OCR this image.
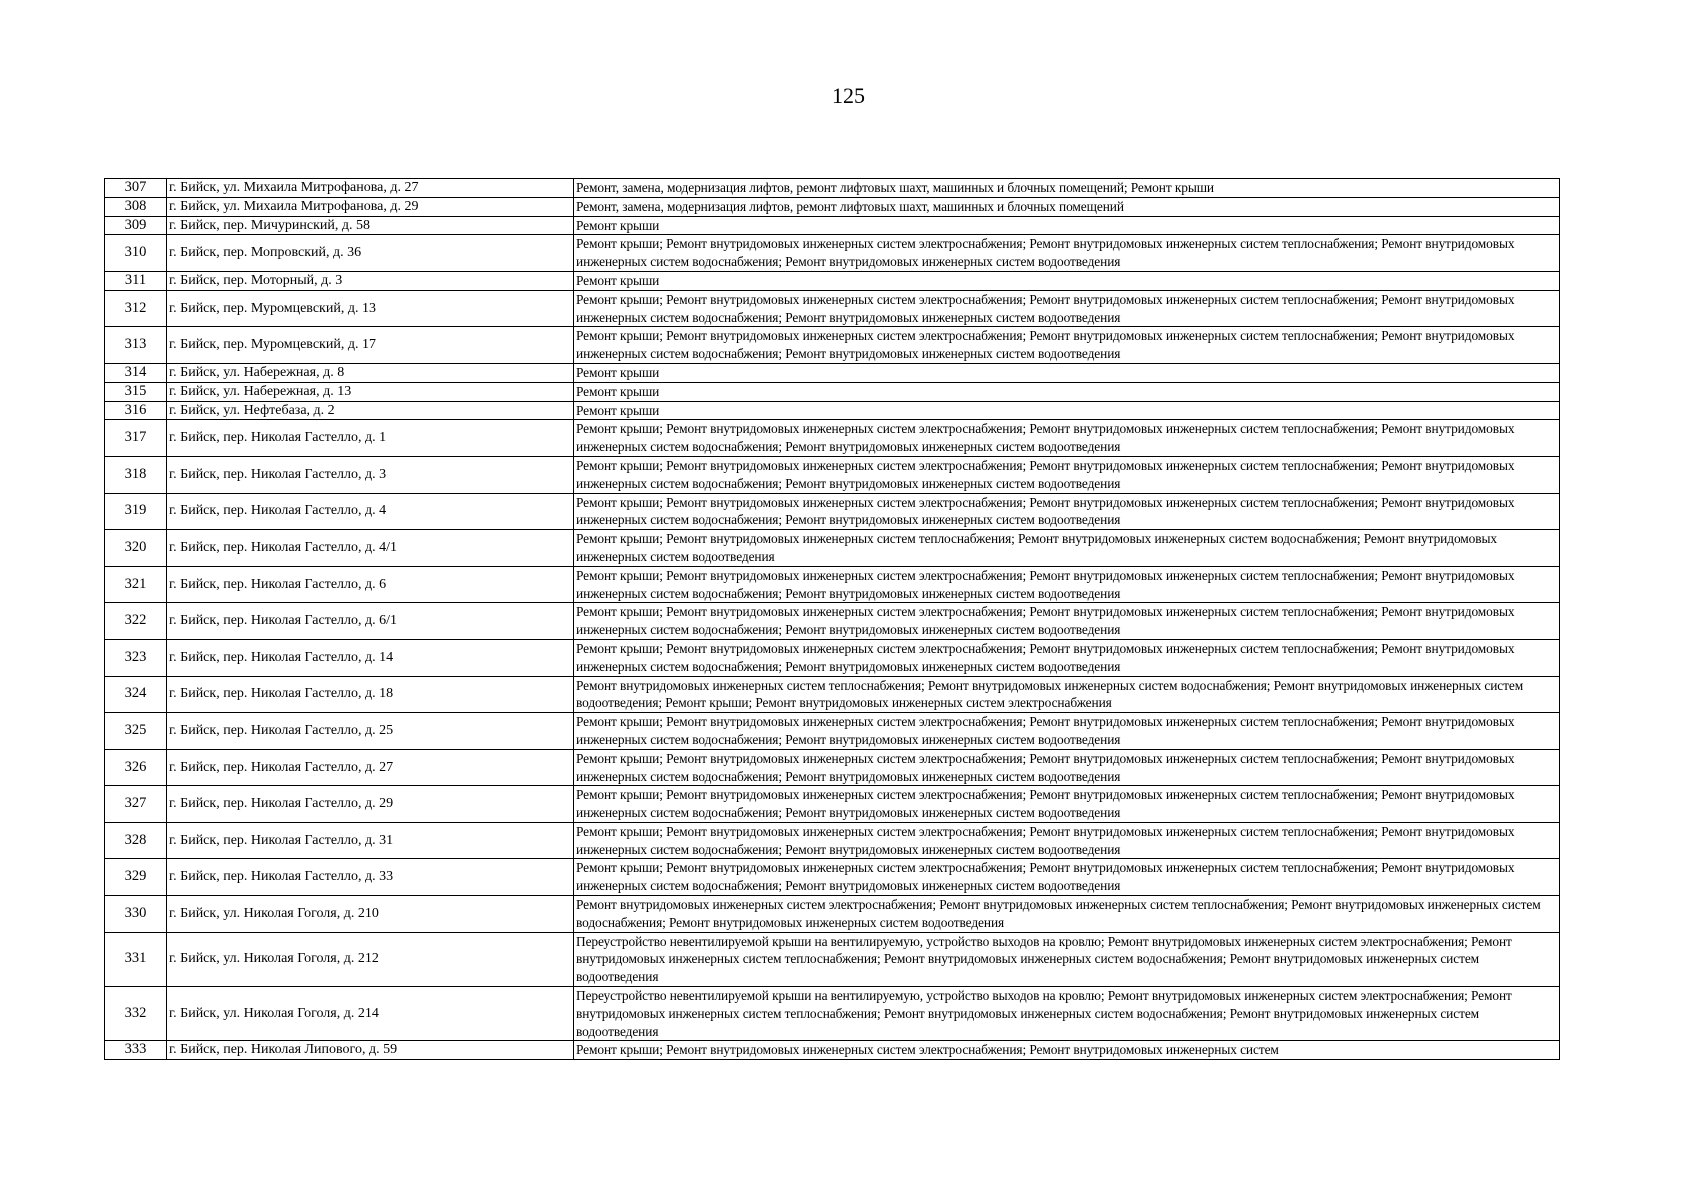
125
307	г. Бийск, ул. Михаила Митрофанова, д. 27	Ремонт, замена, модернизация лифтов, ремонт лифтовых шахт, машинных и блочных помещений; Ремонт крыши
308	г. Бийск, ул. Михаила Митрофанова, д. 29	Ремонт, замена, модернизация лифтов, ремонт лифтовых шахт, машинных и блочных помещений
309	г. Бийск, пер. Мичуринский, д. 58	Ремонт крыши
310	г. Бийск, пер. Мопровский, д. 36	Ремонт крыши; Ремонт внутридомовых инженерных систем электроснабжения; Ремонт внутридомовых инженерных систем теплоснабжения; Ремонт внутридомовых инженерных систем водоснабжения; Ремонт внутридомовых инженерных систем водоотведения
311	г. Бийск, пер. Моторный, д. 3	Ремонт крыши
312	г. Бийск, пер. Муромцевский, д. 13	Ремонт крыши; Ремонт внутридомовых инженерных систем электроснабжения; Ремонт внутридомовых инженерных систем теплоснабжения; Ремонт внутридомовых инженерных систем водоснабжения; Ремонт внутридомовых инженерных систем водоотведения
313	г. Бийск, пер. Муромцевский, д. 17	Ремонт крыши; Ремонт внутридомовых инженерных систем электроснабжения; Ремонт внутридомовых инженерных систем теплоснабжения; Ремонт внутридомовых инженерных систем водоснабжения; Ремонт внутридомовых инженерных систем водоотведения
314	г. Бийск, ул. Набережная, д. 8	Ремонт крыши
315	г. Бийск, ул. Набережная, д. 13	Ремонт крыши
316	г. Бийск, ул. Нефтебаза, д. 2	Ремонт крыши
317	г. Бийск, пер. Николая Гастелло, д. 1	Ремонт крыши; Ремонт внутридомовых инженерных систем электроснабжения; Ремонт внутридомовых инженерных систем теплоснабжения; Ремонт внутридомовых инженерных систем водоснабжения; Ремонт внутридомовых инженерных систем водоотведения
318	г. Бийск, пер. Николая Гастелло, д. 3	Ремонт крыши; Ремонт внутридомовых инженерных систем электроснабжения; Ремонт внутридомовых инженерных систем теплоснабжения; Ремонт внутридомовых инженерных систем водоснабжения; Ремонт внутридомовых инженерных систем водоотведения
319	г. Бийск, пер. Николая Гастелло, д. 4	Ремонт крыши; Ремонт внутридомовых инженерных систем электроснабжения; Ремонт внутридомовых инженерных систем теплоснабжения; Ремонт внутридомовых инженерных систем водоснабжения; Ремонт внутридомовых инженерных систем водоотведения
320	г. Бийск, пер. Николая Гастелло, д. 4/1	Ремонт крыши; Ремонт внутридомовых инженерных систем теплоснабжения; Ремонт внутридомовых инженерных систем водоснабжения; Ремонт внутридомовых инженерных систем водоотведения
321	г. Бийск, пер. Николая Гастелло, д. 6	Ремонт крыши; Ремонт внутридомовых инженерных систем электроснабжения; Ремонт внутридомовых инженерных систем теплоснабжения; Ремонт внутридомовых инженерных систем водоснабжения; Ремонт внутридомовых инженерных систем водоотведения
322	г. Бийск, пер. Николая Гастелло, д. 6/1	Ремонт крыши; Ремонт внутридомовых инженерных систем электроснабжения; Ремонт внутридомовых инженерных систем теплоснабжения; Ремонт внутридомовых инженерных систем водоснабжения; Ремонт внутридомовых инженерных систем водоотведения
323	г. Бийск, пер. Николая Гастелло, д. 14	Ремонт крыши; Ремонт внутридомовых инженерных систем электроснабжения; Ремонт внутридомовых инженерных систем теплоснабжения; Ремонт внутридомовых инженерных систем водоснабжения; Ремонт внутридомовых инженерных систем водоотведения
324	г. Бийск, пер. Николая Гастелло, д. 18	Ремонт внутридомовых инженерных систем теплоснабжения; Ремонт внутридомовых инженерных систем водоснабжения; Ремонт внутридомовых инженерных систем водоотведения; Ремонт крыши; Ремонт внутридомовых инженерных систем электроснабжения
325	г. Бийск, пер. Николая Гастелло, д. 25	Ремонт крыши; Ремонт внутридомовых инженерных систем электроснабжения; Ремонт внутридомовых инженерных систем теплоснабжения; Ремонт внутридомовых инженерных систем водоснабжения; Ремонт внутридомовых инженерных систем водоотведения
326	г. Бийск, пер. Николая Гастелло, д. 27	Ремонт крыши; Ремонт внутридомовых инженерных систем электроснабжения; Ремонт внутридомовых инженерных систем теплоснабжения; Ремонт внутридомовых инженерных систем водоснабжения; Ремонт внутридомовых инженерных систем водоотведения
327	г. Бийск, пер. Николая Гастелло, д. 29	Ремонт крыши; Ремонт внутридомовых инженерных систем электроснабжения; Ремонт внутридомовых инженерных систем теплоснабжения; Ремонт внутридомовых инженерных систем водоснабжения; Ремонт внутридомовых инженерных систем водоотведения
328	г. Бийск, пер. Николая Гастелло, д. 31	Ремонт крыши; Ремонт внутридомовых инженерных систем электроснабжения; Ремонт внутридомовых инженерных систем теплоснабжения; Ремонт внутридомовых инженерных систем водоснабжения; Ремонт внутридомовых инженерных систем водоотведения
329	г. Бийск, пер. Николая Гастелло, д. 33	Ремонт крыши; Ремонт внутридомовых инженерных систем электроснабжения; Ремонт внутридомовых инженерных систем теплоснабжения; Ремонт внутридомовых инженерных систем водоснабжения; Ремонт внутридомовых инженерных систем водоотведения
330	г. Бийск, ул. Николая Гоголя, д. 210	Ремонт внутридомовых инженерных систем электроснабжения; Ремонт внутридомовых инженерных систем теплоснабжения; Ремонт внутридомовых инженерных систем водоснабжения; Ремонт внутридомовых инженерных систем водоотведения
331	г. Бийск, ул. Николая Гоголя, д. 212	Переустройство невентилируемой крыши на вентилируемую, устройство выходов на кровлю; Ремонт внутридомовых инженерных систем электроснабжения; Ремонт внутридомовых инженерных систем теплоснабжения; Ремонт внутридомовых инженерных систем водоснабжения; Ремонт внутридомовых инженерных систем водоотведения
332	г. Бийск, ул. Николая Гоголя, д. 214	Переустройство невентилируемой крыши на вентилируемую, устройство выходов на кровлю; Ремонт внутридомовых инженерных систем электроснабжения; Ремонт внутридомовых инженерных систем теплоснабжения; Ремонт внутридомовых инженерных систем водоснабжения; Ремонт внутридомовых инженерных систем водоотведения
333	г. Бийск, пер. Николая Липового, д. 59	Ремонт крыши; Ремонт внутридомовых инженерных систем электроснабжения; Ремонт внутридомовых инженерных систем
